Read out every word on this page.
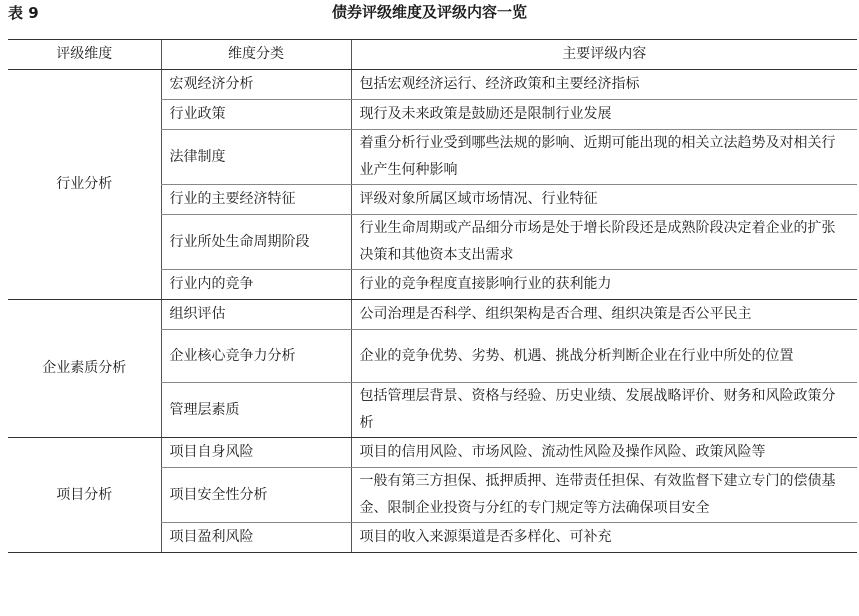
表 9	债券评级维度及评级内容一览
评级维度	维度分类	主要评级内容
行业分析	宏观经济分析	包括宏观经济运行、经济政策和主要经济指标
	行业政策	现行及未来政策是鼓励还是限制行业发展
	法律制度	着重分析行业受到哪些法规的影响、近期可能出现的相关立法趋势及对相关行业产生何种影响
	行业的主要经济特征	评级对象所属区域市场情况、行业特征
	行业所处生命周期阶段	行业生命周期或产品细分市场是处于增长阶段还是成熟阶段决定着企业的扩张决策和其他资本支出需求
	行业内的竞争	行业的竞争程度直接影响行业的获利能力
企业素质分析	组织评估	公司治理是否科学、组织架构是否合理、组织决策是否公平民主
	企业核心竞争力分析	企业的竞争优势、劣势、机遇、挑战分析判断企业在行业中所处的位置
	管理层素质	包括管理层背景、资格与经验、历史业绩、发展战略评价、财务和风险政策分析
项目分析	项目自身风险	项目的信用风险、市场风险、流动性风险及操作风险、政策风险等
	项目安全性分析	一般有第三方担保、抵押质押、连带责任担保、有效监督下建立专门的偿债基金、限制企业投资与分红的专门规定等方法确保项目安全
	项目盈利风险	项目的收入来源渠道是否多样化、可补充
